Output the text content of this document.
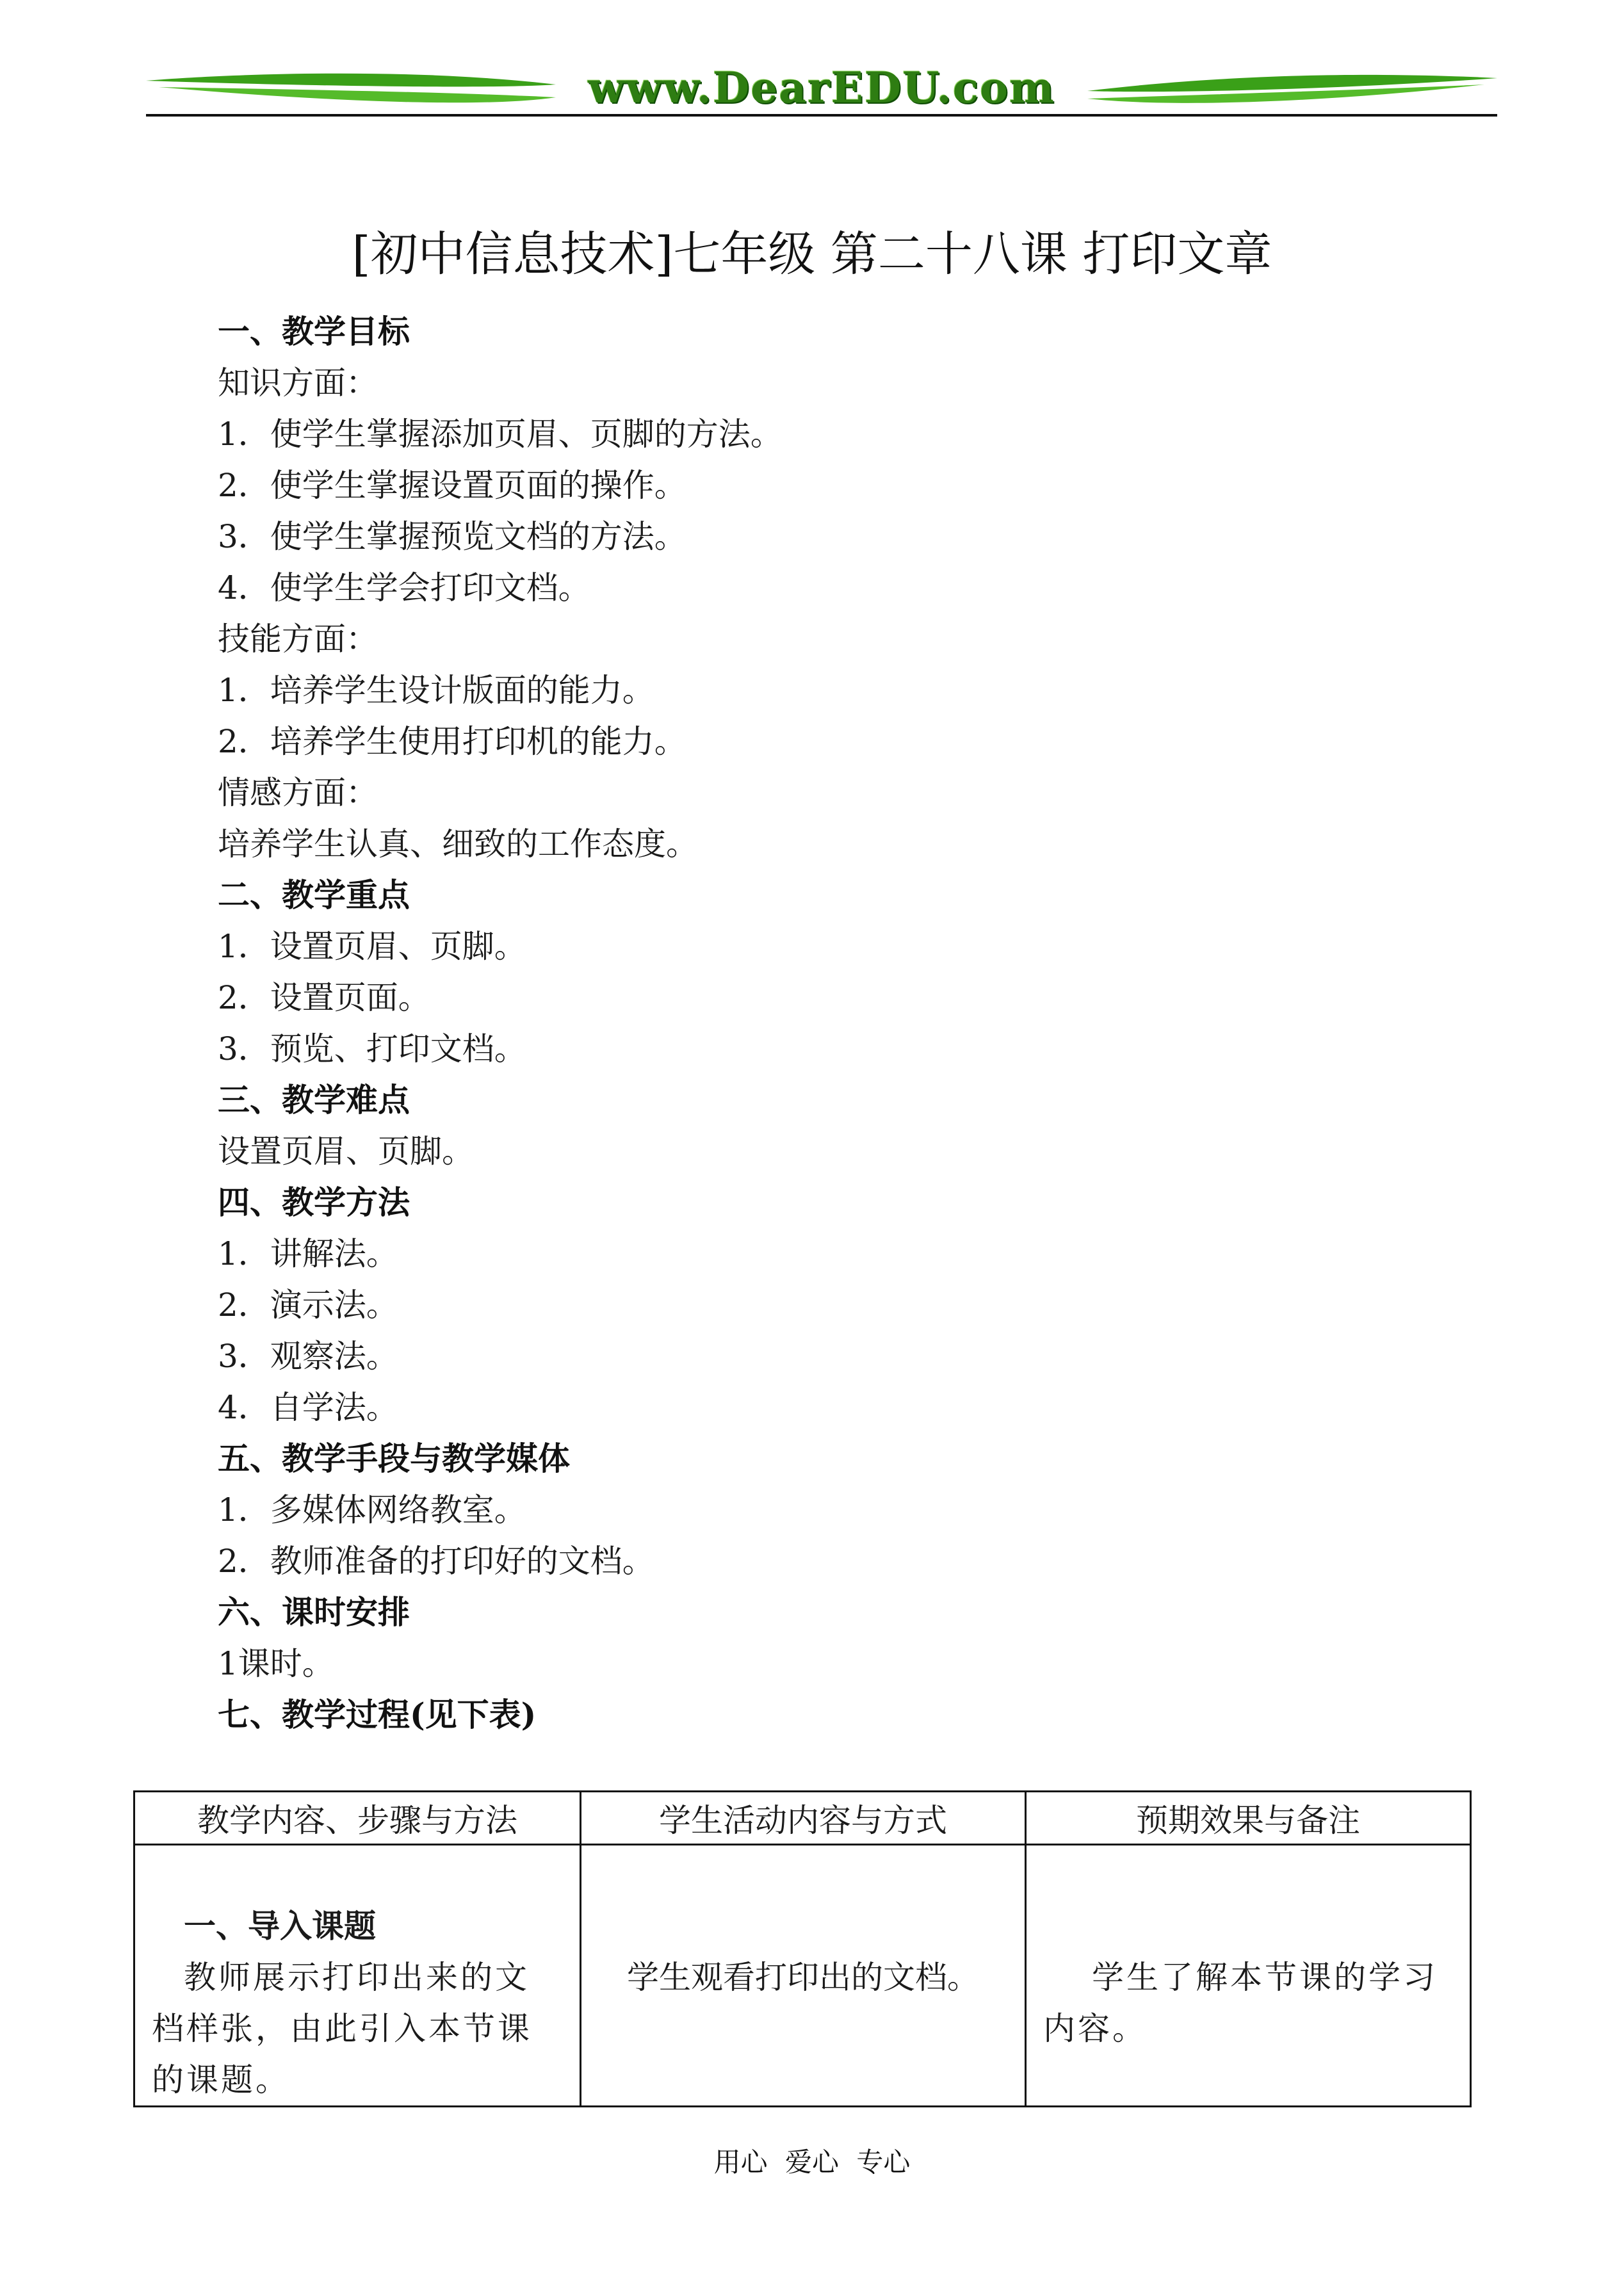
www.DearEDU.com
[初中信息技术]七年级 第二十八课 打印文章
一、教学目标
知识方面：
1．使学生掌握添加页眉、页脚的方法。
2．使学生掌握设置页面的操作。
3．使学生掌握预览文档的方法。
4．使学生学会打印文档。
技能方面：
1．培养学生设计版面的能力。
2．培养学生使用打印机的能力。
情感方面：
培养学生认真、细致的工作态度。
二、教学重点
1．设置页眉、页脚。
2．设置页面。
3．预览、打印文档。
三、教学难点
设置页眉、页脚。
四、教学方法
1．讲解法。
2．演示法。
3．观察法。
4．自学法。
五、教学手段与教学媒体
1．多媒体网络教室。
2．教师准备的打印好的文档。
六、课时安排
1课时。
七、教学过程(见下表)
教学内容、步骤与方法	学生活动内容与方式	预期效果与备注

一、导入课题
教师展示打印出来的文档样张，由此引入本节课的课题。	学生观看打印出的文档。	学生了解本节课的学习内容。
用心 爱心 专心
